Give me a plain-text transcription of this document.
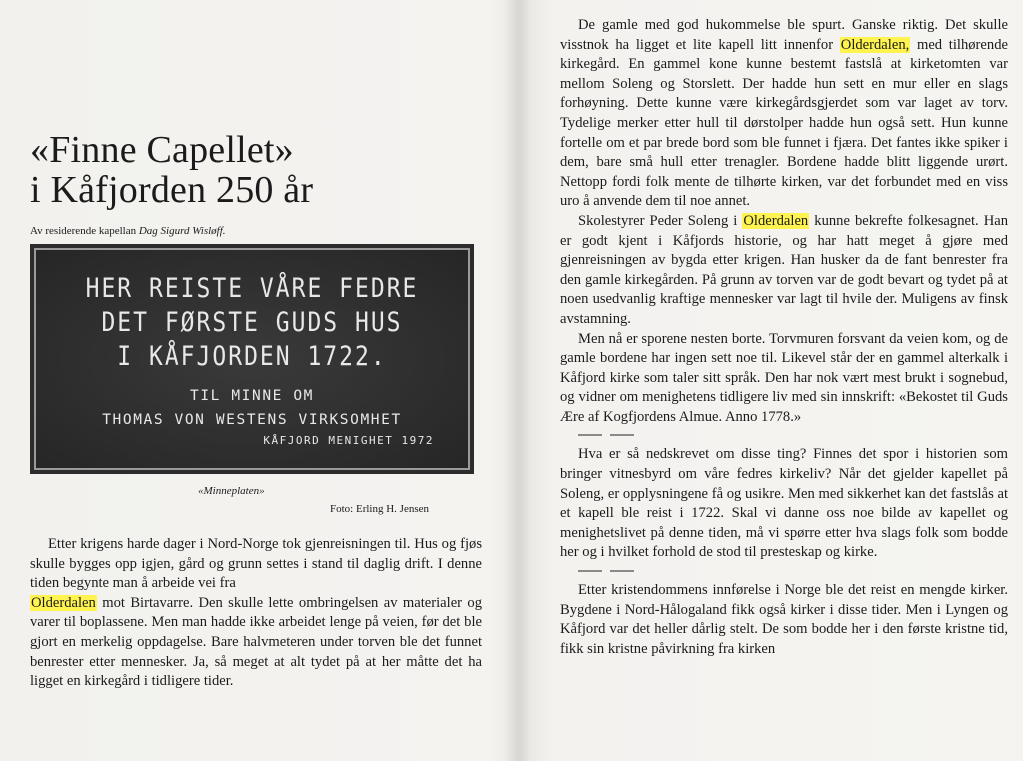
«Finne Capellet»
i Kåfjorden 250 år
Av residerende kapellan Dag Sigurd Wisløff.
HER REISTE VÅRE FEDRE
DET FØRSTE GUDS HUS
I KÅFJORDEN 1722.
TIL MINNE OM
THOMAS VON WESTENS VIRKSOMHET
KÅFJORD MENIGHET 1972
«Minneplaten»
Foto: Erling H. Jensen

Etter krigens harde dager i Nord-Norge tok gjenreisningen til. Hus og fjøs skulle bygges opp igjen, gård og grunn settes i stand til daglig drift. I denne tiden begynte man å arbeide vei fra
Olderdalen mot Birtavarre. Den skulle lette ombringelsen av materialer og varer til boplassene. Men man hadde ikke arbeidet lenge på veien, før det ble gjort en merkelig oppdagelse. Bare halvmeteren under torven ble det funnet benrester etter mennesker. Ja, så meget at alt tydet på at her måtte det ha ligget en kirkegård i tidligere tider.

De gamle med god hukommelse ble spurt. Ganske riktig. Det skulle visstnok ha ligget et lite kapell litt innenfor Olderdalen, med tilhørende kirkegård. En gammel kone kunne bestemt fastslå at kirketomten var mellom Soleng og Storslett. Der hadde hun sett en mur eller en slags forhøyning. Dette kunne være kirkegårdsgjerdet som var laget av torv. Tydelige merker etter hull til dørstolper hadde hun også sett. Hun kunne fortelle om et par brede bord som ble funnet i fjæra. Det fantes ikke spiker i dem, bare små hull etter trenagler. Bordene hadde blitt liggende urørt. Nettopp fordi folk mente de tilhørte kirken, var det forbundet med en viss uro å anvende dem til noe annet.

Skolestyrer Peder Soleng i Olderdalen kunne bekrefte folkesagnet. Han er godt kjent i Kåfjords historie, og har hatt meget å gjøre med gjenreisningen av bygda etter krigen. Han husker da de fant benrester fra den gamle kirkegården. På grunn av torven var de godt bevart og tydet på at noen usedvanlig kraftige mennesker var lagt til hvile der. Muligens av finsk avstamning.

Men nå er sporene nesten borte. Torvmuren forsvant da veien kom, og de gamle bordene har ingen sett noe til. Likevel står der en gammel alterkalk i Kåfjord kirke som taler sitt språk. Den har nok vært mest brukt i sognebud, og vidner om menighetens tidligere liv med sin innskrift: «Bekostet til Guds Ære af Kogfjordens Almue. Anno 1778.»

Hva er så nedskrevet om disse ting? Finnes det spor i historien som bringer vitnesbyrd om våre fedres kirkeliv? Når det gjelder kapellet på Soleng, er opplysningene få og usikre. Men med sikkerhet kan det fastslås at et kapell ble reist i 1722. Skal vi danne oss noe bilde av kapellet og menighetslivet på denne tiden, må vi spørre etter hva slags folk som bodde her og i hvilket forhold de stod til presteskap og kirke.

Etter kristendommens innførelse i Norge ble det reist en mengde kirker. Bygdene i Nord-Hålogaland fikk også kirker i disse tider. Men i Lyngen og Kåfjord var det heller dårlig stelt. De som bodde her i den første kristne tid, fikk sin kristne påvirkning fra kirken
